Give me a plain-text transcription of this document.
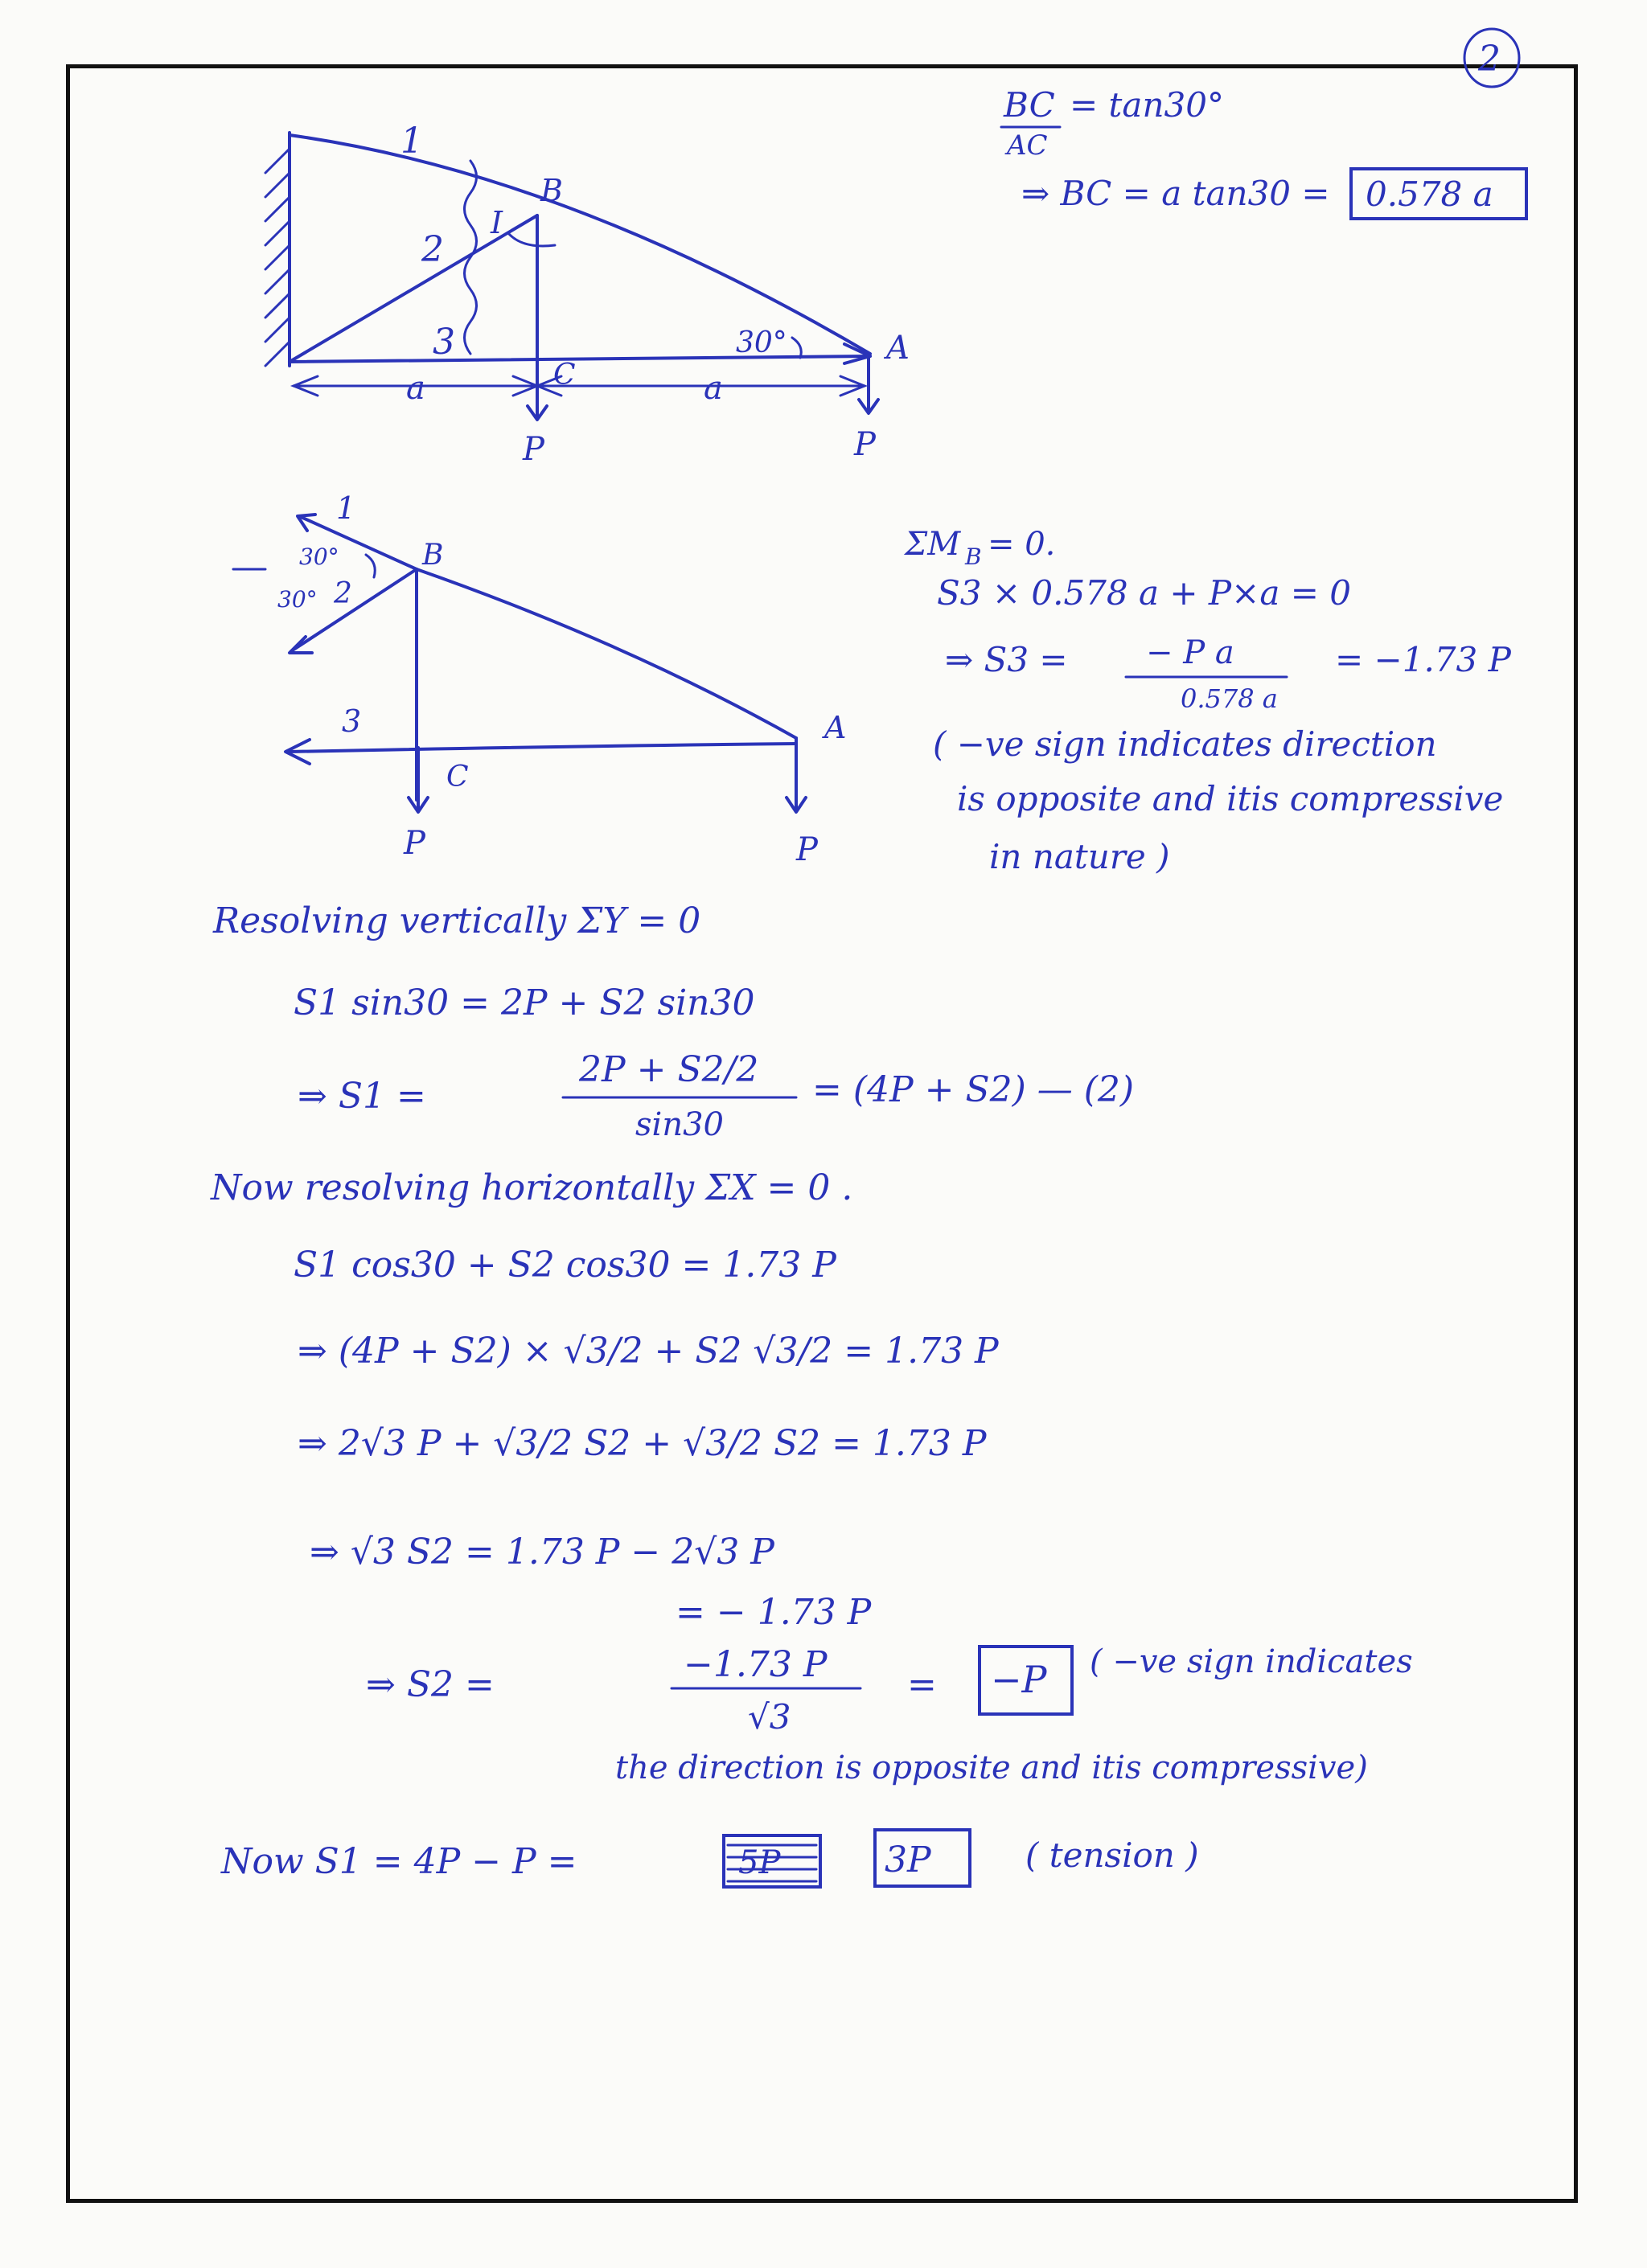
2
1
2
3
I
B
A
C
30°
a	a
P	P
BC
AC
= tan30°
⇒ BC = a tan30 = 0.578 a
1
2
3
30°
30°
B
A
C
P	P
ΣM B = 0.
S3 × 0.578 a + P×a = 0
⇒ S3 = − P a
0.578 a
= −1.73 P
( −ve sign indicates direction
is opposite and itis compressive
in nature )
Resolving vertically ΣY = 0
S1 sin30 = 2P + S2 sin30
⇒ S1 =
2P + S2/2
sin30
= (4P + S2) — (2)
Now resolving horizontally ΣX = 0 .
S1 cos30 + S2 cos30 = 1.73 P
⇒ (4P + S2) × √3/2 + S2 √3/2 = 1.73 P
⇒ 2√3 P + √3/2 S2 + √3/2 S2 = 1.73 P
⇒ √3 S2 = 1.73 P − 2√3 P
= − 1.73 P
⇒ S2 =	−1.73 P
√3
= −P ( −ve sign indicates
the direction is opposite and itis compressive)
Now S1 = 4P − P =	5P	3P	( tension )
